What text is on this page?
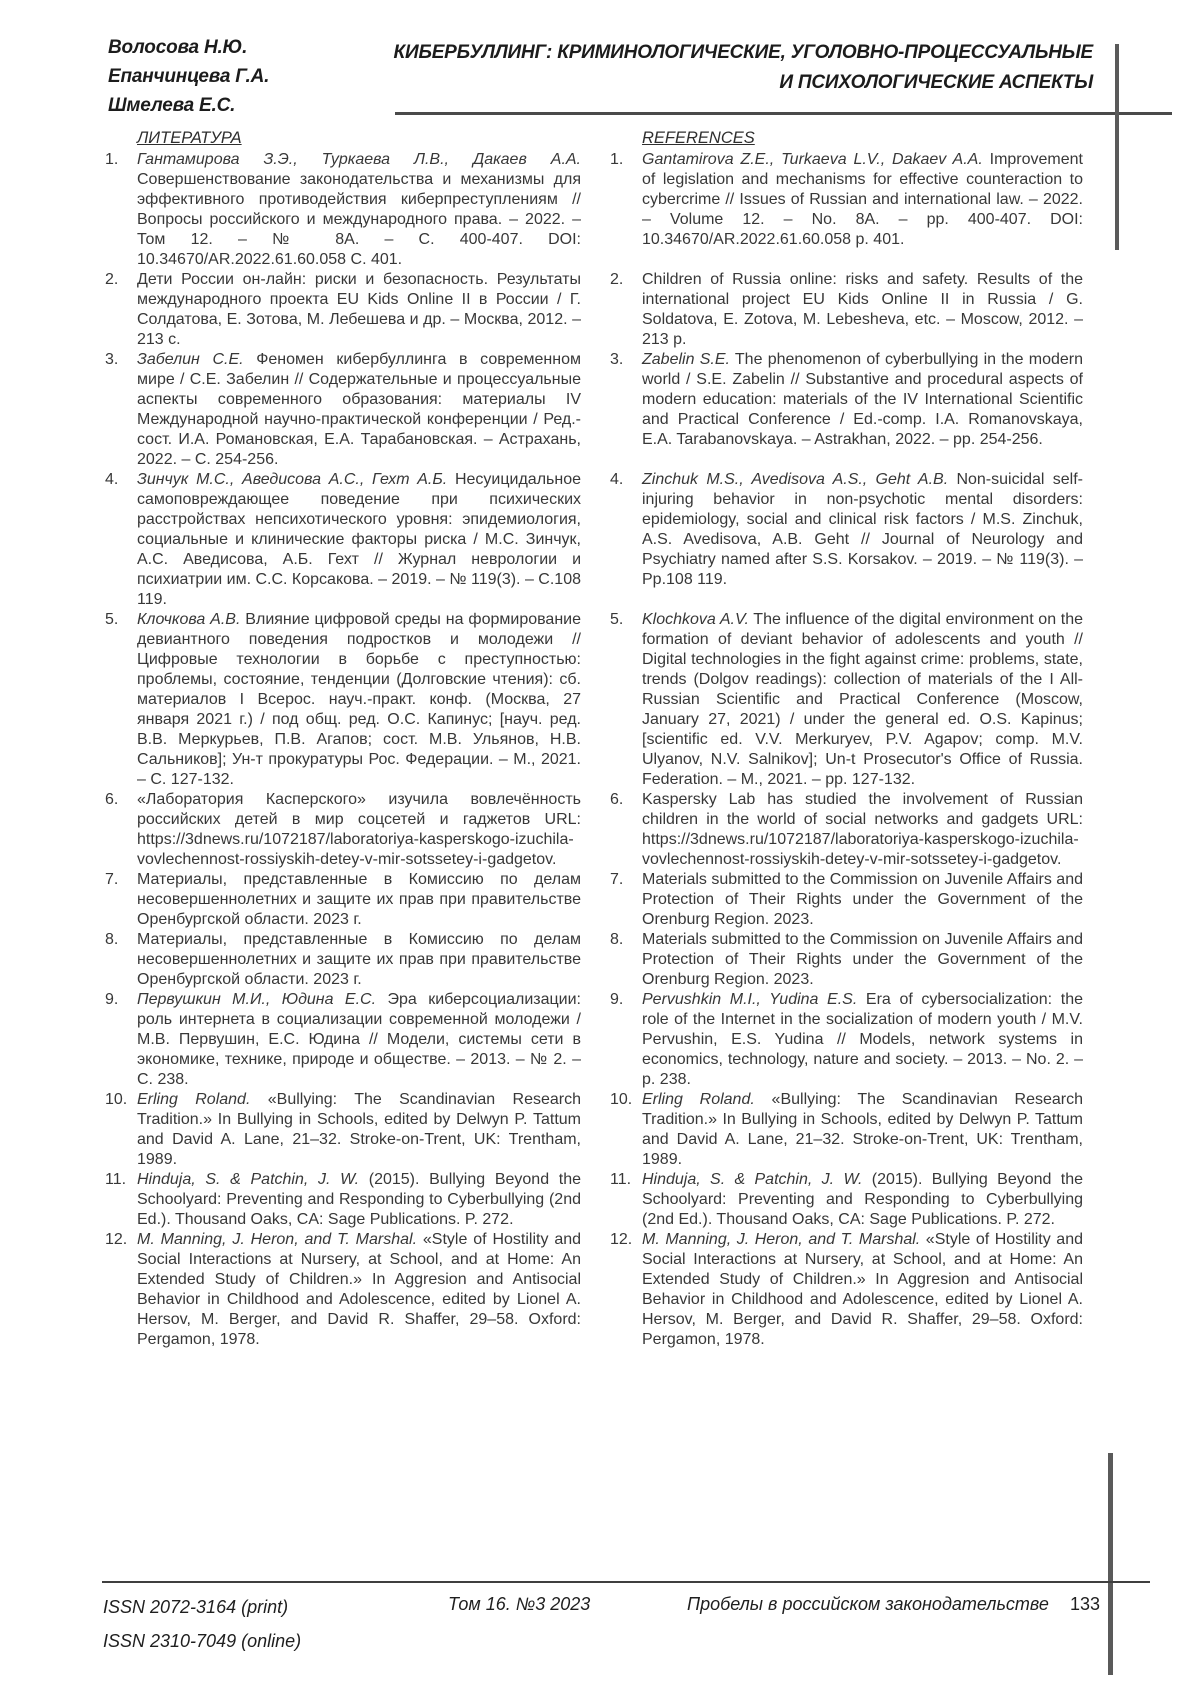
Волосова Н.Ю.
Епанчинцева Г.А.
Шмелева Е.С.
КИБЕРБУЛЛИНГ: КРИМИНОЛОГИЧЕСКИЕ, УГОЛОВНО-ПРОЦЕССУАЛЬНЫЕ
И ПСИХОЛОГИЧЕСКИЕ АСПЕКТЫ
ЛИТЕРАТУРА	REFERENCES
1.	Гантамирова З.Э., Туркаева Л.В., Дакаев А.А. Совершенствование законодательства и механизмы для эффективного противодействия киберпреступлениям // Вопросы российского и международного права. – 2022. – Том 12. – № 8А. – С. 400-407. DOI: 10.34670/AR.2022.61.60.058 С. 401.
1.	Gantamirova Z.E., Turkaeva L.V., Dakaev A.A. Improvement of legislation and mechanisms for effective counteraction to cybercrime // Issues of Russian and international law. – 2022. – Volume 12. – No. 8A. – pp. 400-407. DOI: 10.34670/AR.2022.61.60.058 p. 401.
2.	Дети России он-лайн: риски и безопасность. Результаты международного проекта EU Kids Online II в России / Г. Солдатова, Е. Зотова, М. Лебешева и др. – Москва, 2012. – 213 с.
2.	Children of Russia online: risks and safety. Results of the international project EU Kids Online II in Russia / G. Soldatova, E. Zotova, M. Lebesheva, etc. – Moscow, 2012. – 213 p.
3.	Забелин С.Е. Феномен кибербуллинга в современном мире / С.Е. Забелин // Содержательные и процессуальные аспекты современного образования: материалы IV Международной научно-практической конференции / Ред.-сост. И.А. Романовская, Е.А. Тарабановская. – Астрахань, 2022. – С. 254-256.
3.	Zabelin S.E. The phenomenon of cyberbullying in the modern world / S.E. Zabelin // Substantive and procedural aspects of modern education: materials of the IV International Scientific and Practical Conference / Ed.-comp. I.A. Romanovskaya, E.A. Tarabanovskaya. – Astrakhan, 2022. – pp. 254-256.
4.	Зинчук М.С., Аведисова А.С., Гехт А.Б. Несуицидальное самоповреждающее поведение при психических расстройствах непсихотического уровня: эпидемиология, социальные и клинические факторы риска / М.С. Зинчук, А.С. Аведисова, А.Б. Гехт // Журнал неврологии и психиатрии им. С.С. Корсакова. – 2019. – № 119(3). – С.108 119.
4.	Zinchuk M.S., Avedisova A.S., Geht A.B. Non-suicidal self-injuring behavior in non-psychotic mental disorders: epidemiology, social and clinical risk factors / M.S. Zinchuk, A.S. Avedisova, A.B. Geht // Journal of Neurology and Psychiatry named after S.S. Korsakov. – 2019. – № 119(3). – Pp.108 119.
5.	Клочкова А.В. Влияние цифровой среды на формирование девиантного поведения подростков и молодежи // Цифровые технологии в борьбе с преступностью: проблемы, состояние, тенденции (Долговские чтения): сб. материалов I Всерос. науч.-практ. конф. (Москва, 27 января 2021 г.) / под общ. ред. О.С. Капинус; [науч. ред. В.В. Меркурьев, П.В. Агапов; сост. М.В. Ульянов, Н.В. Сальников]; Ун-т прокуратуры Рос. Федерации. – М., 2021. – С. 127-132.
5.	Klochkova A.V. The influence of the digital environment on the formation of deviant behavior of adolescents and youth // Digital technologies in the fight against crime: problems, state, trends (Dolgov readings): collection of materials of the I All-Russian Scientific and Practical Conference (Moscow, January 27, 2021) / under the general ed. O.S. Kapinus; [scientific ed. V.V. Merkuryev, P.V. Agapov; comp. M.V. Ulyanov, N.V. Salnikov]; Un-t Prosecutor's Office of Russia. Federation. – M., 2021. – pp. 127-132.
6.	«Лаборатория Касперского» изучила вовлечённость российских детей в мир соцсетей и гаджетов URL: https://3dnews.ru/1072187/laboratoriya-kasperskogo-izuchila-vovlechennost-rossiyskih-detey-v-mir-sotssetey-i-gadgetov.
6.	Kaspersky Lab has studied the involvement of Russian children in the world of social networks and gadgets URL: https://3dnews.ru/1072187/laboratoriya-kasperskogo-izuchila-vovlechennost-rossiyskih-detey-v-mir-sotssetey-i-gadgetov.
7.	Материалы, представленные в Комиссию по делам несовершеннолетних и защите их прав при правительстве Оренбургской области. 2023 г.
7.	Materials submitted to the Commission on Juvenile Affairs and Protection of Their Rights under the Government of the Orenburg Region. 2023.
8.	Материалы, представленные в Комиссию по делам несовершеннолетних и защите их прав при правительстве Оренбургской области. 2023 г.
8.	Materials submitted to the Commission on Juvenile Affairs and Protection of Their Rights under the Government of the Orenburg Region. 2023.
9.	Первушкин М.И., Юдина Е.С. Эра киберсоциализации: роль интернета в социализации современной молодежи / М.В. Первушин, Е.С. Юдина // Модели, системы сети в экономике, технике, природе и обществе. – 2013. – № 2. – С. 238.
9.	Pervushkin M.I., Yudina E.S. Era of cybersocialization: the role of the Internet in the socialization of modern youth / M.V. Pervushin, E.S. Yudina // Models, network systems in economics, technology, nature and society. – 2013. – No. 2. – p. 238.
10. Erling Roland. «Bullying: The Scandinavian Research Tradition.» In Bullying in Schools, edited by Delwyn P. Tattum and David A. Lane, 21–32. Stroke-on-Trent, UK: Trentham, 1989.
10. Erling Roland. «Bullying: The Scandinavian Research Tradition.» In Bullying in Schools, edited by Delwyn P. Tattum and David A. Lane, 21–32. Stroke-on-Trent, UK: Trentham, 1989.
11. Hinduja, S. & Patchin, J. W. (2015). Bullying Beyond the Schoolyard: Preventing and Responding to Cyberbullying (2nd Ed.). Thousand Oaks, CA: Sage Publications. P. 272.
11. Hinduja, S. & Patchin, J. W. (2015). Bullying Beyond the Schoolyard: Preventing and Responding to Cyberbullying (2nd Ed.). Thousand Oaks, CA: Sage Publications. P. 272.
12. M. Manning, J. Heron, and T. Marshal. «Style of Hostility and Social Interactions at Nursery, at School, and at Home: An Extended Study of Children.» In Aggresion and Antisocial Behavior in Childhood and Adolescence, edited by Lionel A. Hersov, M. Berger, and David R. Shaffer, 29–58. Oxford: Pergamon, 1978.
12. M. Manning, J. Heron, and T. Marshal. «Style of Hostility and Social Interactions at Nursery, at School, and at Home: An Extended Study of Children.» In Aggresion and Antisocial Behavior in Childhood and Adolescence, edited by Lionel A. Hersov, M. Berger, and David R. Shaffer, 29–58. Oxford: Pergamon, 1978.
ISSN 2072-3164 (print)
ISSN 2310-7049 (online)
Том 16. №3 2023	Пробелы в российском законодательстве 133
